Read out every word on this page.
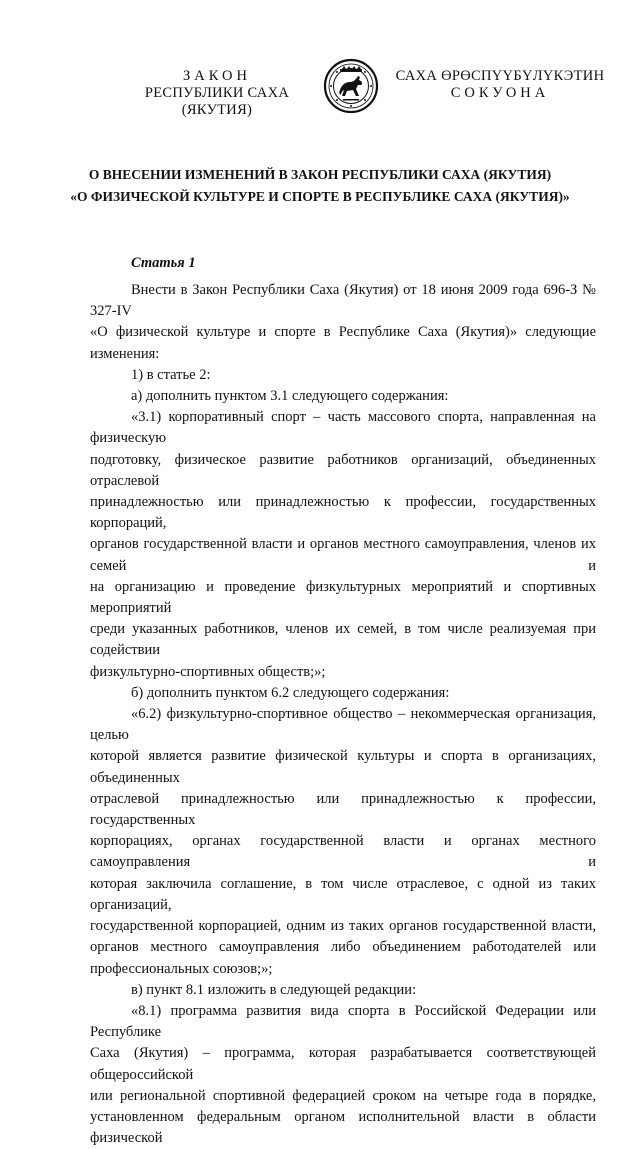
ЗАКОН
РЕСПУБЛИКИ САХА (ЯКУТИЯ)
САХА ӨРӨСПҮҮБҮЛҮКЭТИН
СОКУОНА
О ВНЕСЕНИИ ИЗМЕНЕНИЙ В ЗАКОН РЕСПУБЛИКИ САХА (ЯКУТИЯ)
«О ФИЗИЧЕСКОЙ КУЛЬТУРЕ И СПОРТЕ В РЕСПУБЛИКЕ САХА (ЯКУТИЯ)»
Статья 1
Внести в Закон Республики Саха (Якутия) от 18 июня 2009 года 696-З № 327-IV
«О физической культуре и спорте в Республике Саха (Якутия)» следующие изменения:
1) в статье 2:
а) дополнить пунктом 3.1 следующего содержания:
«3.1) корпоративный спорт – часть массового спорта, направленная на физическую
подготовку, физическое развитие работников организаций, объединенных отраслевой
принадлежностью или принадлежностью к профессии, государственных корпораций,
органов государственной власти и органов местного самоуправления, членов их семей и
на организацию и проведение физкультурных мероприятий и спортивных мероприятий
среди указанных работников, членов их семей, в том числе реализуемая при содействии
физкультурно-спортивных обществ;»;
б) дополнить пунктом 6.2 следующего содержания:
«6.2) физкультурно-спортивное общество – некоммерческая организация, целью
которой является развитие физической культуры и спорта в организациях, объединенных
отраслевой принадлежностью или принадлежностью к профессии, государственных
корпорациях, органах государственной власти и органах местного самоуправления и
которая заключила соглашение, в том числе отраслевое, с одной из таких организаций,
государственной корпорацией, одним из таких органов государственной власти,
органов местного самоуправления либо объединением работодателей или
профессиональных союзов;»;
в) пункт 8.1 изложить в следующей редакции:
«8.1) программа развития вида спорта в Российской Федерации или Республике
Саха (Якутия) – программа, которая разрабатывается соответствующей общероссийской
или региональной спортивной федерацией сроком на четыре года в порядке,
установленном федеральным органом исполнительной власти в области физической
